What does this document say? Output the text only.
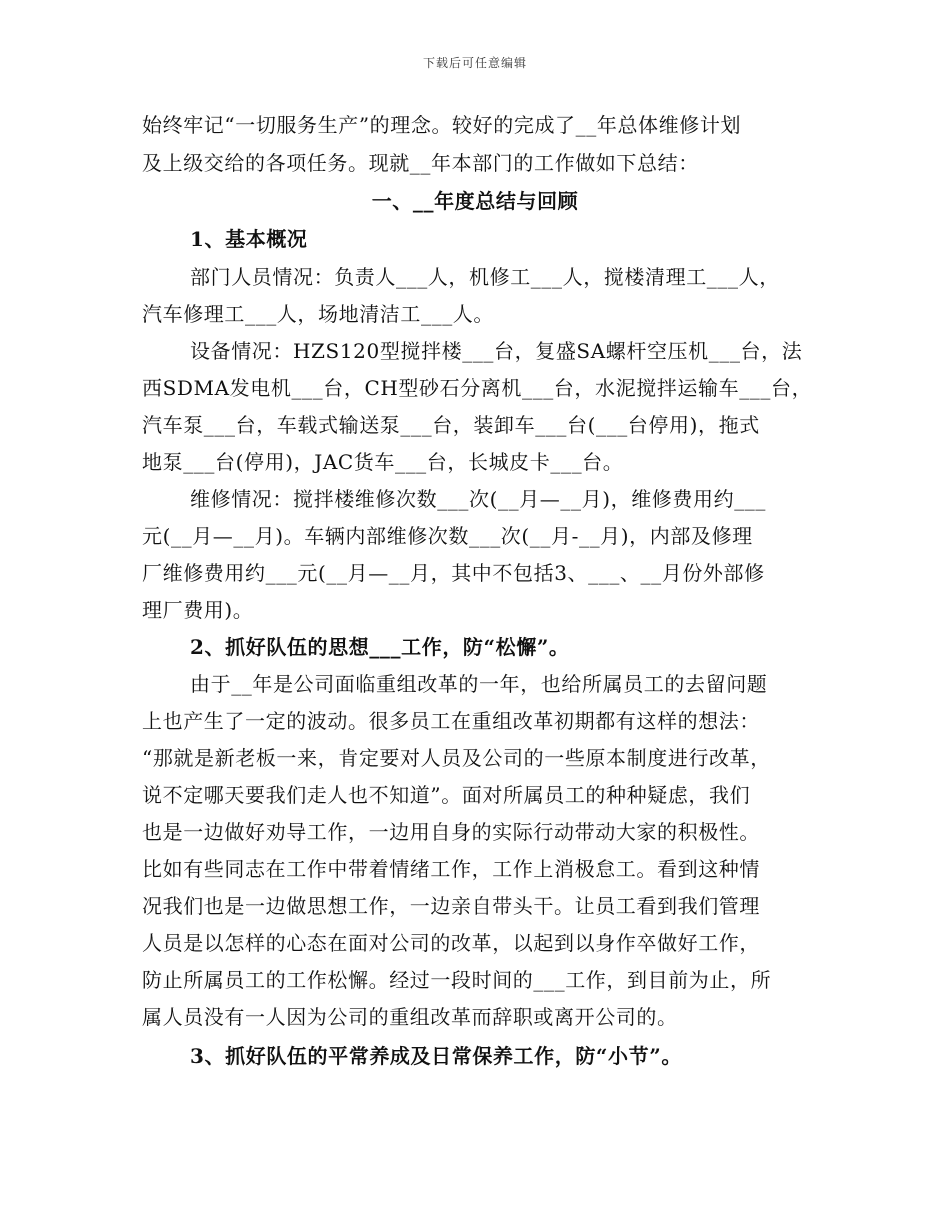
下载后可任意编辑
始终牢记“一切服务生产”的理念。较好的完成了__年总体维修计划
及上级交给的各项任务。现就__年本部门的工作做如下总结：
一、__年度总结与回顾
1、基本概况
部门人员情况：负责人___人，机修工___人，搅楼清理工___人，
汽车修理工___人，场地清洁工___人。
设备情况：HZS120型搅拌楼___台，复盛SA螺杆空压机___台，法
西SDMA发电机___台，CH型砂石分离机___台，水泥搅拌运输车___台，
汽车泵___台，车载式输送泵___台，装卸车___台(___台停用)，拖式
地泵___台(停用)，JAC货车___台，长城皮卡___台。
维修情况：搅拌楼维修次数___次(__月—__月)，维修费用约___
元(__月—__月)。车辆内部维修次数___次(__月-__月)，内部及修理
厂维修费用约___元(__月—__月，其中不包括3、___、__月份外部修
理厂费用)。
2、抓好队伍的思想___工作，防“松懈”。
由于__年是公司面临重组改革的一年，也给所属员工的去留问题
上也产生了一定的波动。很多员工在重组改革初期都有这样的想法：
“那就是新老板一来，肯定要对人员及公司的一些原本制度进行改革，
说不定哪天要我们走人也不知道”。面对所属员工的种种疑虑，我们
也是一边做好劝导工作，一边用自身的实际行动带动大家的积极性。
比如有些同志在工作中带着情绪工作，工作上消极怠工。看到这种情
况我们也是一边做思想工作，一边亲自带头干。让员工看到我们管理
人员是以怎样的心态在面对公司的改革，以起到以身作卒做好工作，
防止所属员工的工作松懈。经过一段时间的___工作，到目前为止，所
属人员没有一人因为公司的重组改革而辞职或离开公司的。
3、抓好队伍的平常养成及日常保养工作，防“小节”。
